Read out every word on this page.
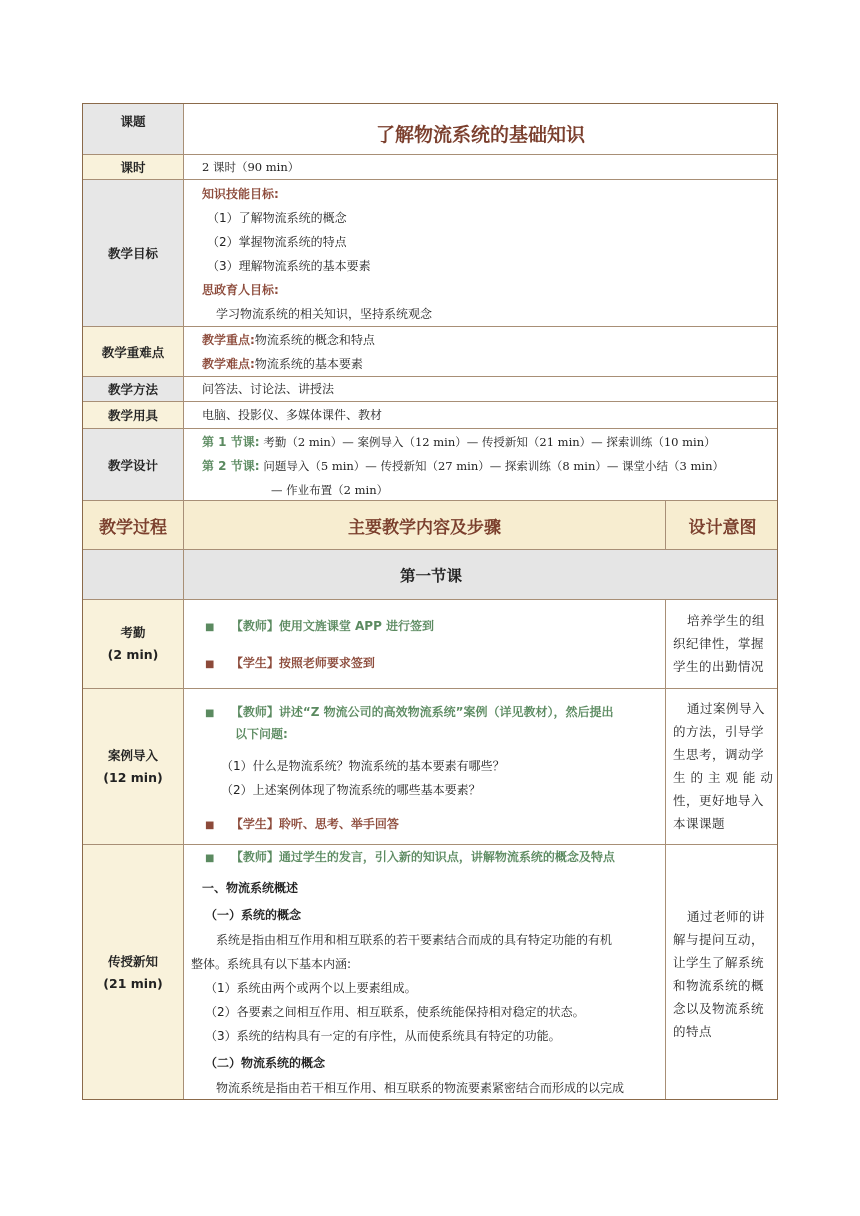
课题
课时
教学目标
教学重难点
教学方法
教学用具
教学设计
教学过程	主要教学内容及步骤	设计意图
第一节课
考勤
(2 min)
案例导入
(12 min)
传授新知
(21 min)
了解物流系统的基础知识
2 课时（90 min）
知识技能目标:
（1）了解物流系统的概念
（2）掌握物流系统的特点
（3）理解物流系统的基本要素
思政育人目标:
学习物流系统的相关知识，坚持系统观念
教学重点:物流系统的概念和特点
教学难点:物流系统的基本要素
问答法、讨论法、讲授法
电脑、投影仪、多媒体课件、教材
第 1 节课: 考勤（2 min）— 案例导入（12 min）— 传授新知（21 min）— 探索训练（10 min）
第 2 节课: 问题导入（5 min）— 传授新知（27 min）— 探索训练（8 min）— 课堂小结（3 min）
— 作业布置（2 min）
■ 【教师】使用文旌课堂 APP 进行签到
■ 【学生】按照老师要求签到
培养学生的组
织纪律性，掌握
学生的出勤情况
■ 【教师】讲述“Z 物流公司的高效物流系统”案例（详见教材），然后提出
以下问题:
（1）什么是物流系统？物流系统的基本要素有哪些？
（2）上述案例体现了物流系统的哪些基本要素？
■ 【学生】聆听、思考、举手回答
通过案例导入
的方法，引导学
生思考，调动学
生 的 主 观 能 动
性，更好地导入
本课课题
■ 【教师】通过学生的发言，引入新的知识点，讲解物流系统的概念及特点
一、物流系统概述
（一）系统的概念
系统是指由相互作用和相互联系的若干要素结合而成的具有特定功能的有机
整体。系统具有以下基本内涵:
（1）系统由两个或两个以上要素组成。
（2）各要素之间相互作用、相互联系，使系统能保持相对稳定的状态。
（3）系统的结构具有一定的有序性，从而使系统具有特定的功能。
（二）物流系统的概念
物流系统是指由若干相互作用、相互联系的物流要素紧密结合而形成的以完成
通过老师的讲
解与提问互动，
让学生了解系统
和物流系统的概
念以及物流系统
的特点
